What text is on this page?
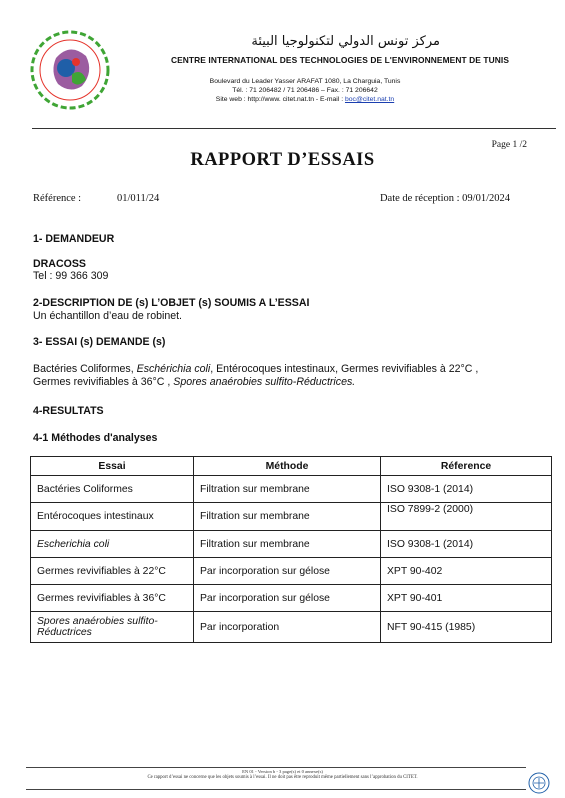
مركز تونس الدولي لتكنولوجيا البيئة
CENTRE INTERNATIONAL DES TECHNOLOGIES DE L'ENVIRONNEMENT DE TUNIS
Boulevard du Leader Yasser ARAFAT 1080, La Charguia, Tunis
Tél. : 71 206482 / 71 206486 – Fax. : 71 206642
Site web : http://www. citet.nat.tn - E-mail : boc@citet.nat.tn
Page 1 /2
RAPPORT D’ESSAIS
Référence :	01/011/24	Date de réception : 09/01/2024
1- DEMANDEUR
DRACOSS
Tel : 99 366 309
2-DESCRIPTION DE (s) L’OBJET (s) SOUMIS A L’ESSAI
Un échantillon d’eau de robinet.
3- ESSAI (s) DEMANDE (s)
Bactéries Coliformes, Eschérichia coli, Entérocoques intestinaux, Germes revivifiables à 22°C ,
Germes revivifiables à 36°C , Spores anaérobies sulfito-Réductrices.
4-RESULTATS
4-1 Méthodes d'analyses
Essai	Méthode	Réference
Bactéries Coliformes	Filtration sur membrane	ISO 9308-1 (2014)
Entérocoques intestinaux	Filtration sur membrane	ISO 7899-2 (2000)
Escherichia coli	Filtration sur membrane	ISO 9308-1 (2014)
Germes revivifiables à 22°C	Par incorporation sur gélose	XPT 90-402
Germes revivifiables à 36°C	Par incorporation sur gélose	XPT 90-401
Spores anaérobies sulfito-Réductrices	Par incorporation	NFT 90-415 (1985)
EN 01 - Version b - 3 page(s) et 0 annexe(s)
Ce rapport d’essai ne concerne que les objets soumis à l’essai. Il ne doit pas être reproduit même partiellement sans l’approbation du CITET.
